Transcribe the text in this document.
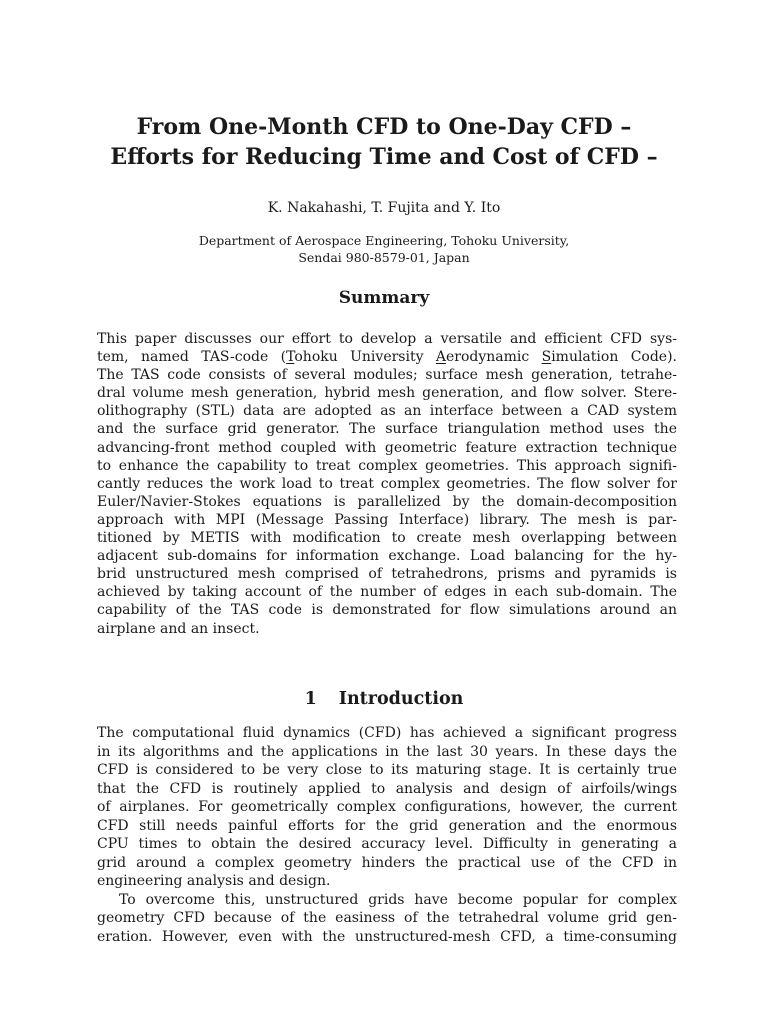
From One-Month CFD to One-Day CFD –
Efforts for Reducing Time and Cost of CFD –
K. Nakahashi, T. Fujita and Y. Ito
Department of Aerospace Engineering, Tohoku University,
Sendai 980-8579-01, Japan
Summary
This paper discusses our effort to develop a versatile and efficient CFD sys-
tem, named TAS-code (Tohoku University Aerodynamic Simulation Code).
The TAS code consists of several modules; surface mesh generation, tetrahe-
dral volume mesh generation, hybrid mesh generation, and flow solver. Stere-
olithography (STL) data are adopted as an interface between a CAD system
and the surface grid generator. The surface triangulation method uses the
advancing-front method coupled with geometric feature extraction technique
to enhance the capability to treat complex geometries. This approach signifi-
cantly reduces the work load to treat complex geometries. The flow solver for
Euler/Navier-Stokes equations is parallelized by the domain-decomposition
approach with MPI (Message Passing Interface) library. The mesh is par-
titioned by METIS with modification to create mesh overlapping between
adjacent sub-domains for information exchange. Load balancing for the hy-
brid unstructured mesh comprised of tetrahedrons, prisms and pyramids is
achieved by taking account of the number of edges in each sub-domain. The
capability of the TAS code is demonstrated for flow simulations around an
airplane and an insect.
1 Introduction
The computational fluid dynamics (CFD) has achieved a significant progress
in its algorithms and the applications in the last 30 years. In these days the
CFD is considered to be very close to its maturing stage. It is certainly true
that the CFD is routinely applied to analysis and design of airfoils/wings
of airplanes. For geometrically complex configurations, however, the current
CFD still needs painful efforts for the grid generation and the enormous
CPU times to obtain the desired accuracy level. Difficulty in generating a
grid around a complex geometry hinders the practical use of the CFD in
engineering analysis and design.
To overcome this, unstructured grids have become popular for complex
geometry CFD because of the easiness of the tetrahedral volume grid gen-
eration. However, even with the unstructured-mesh CFD, a time-consuming
